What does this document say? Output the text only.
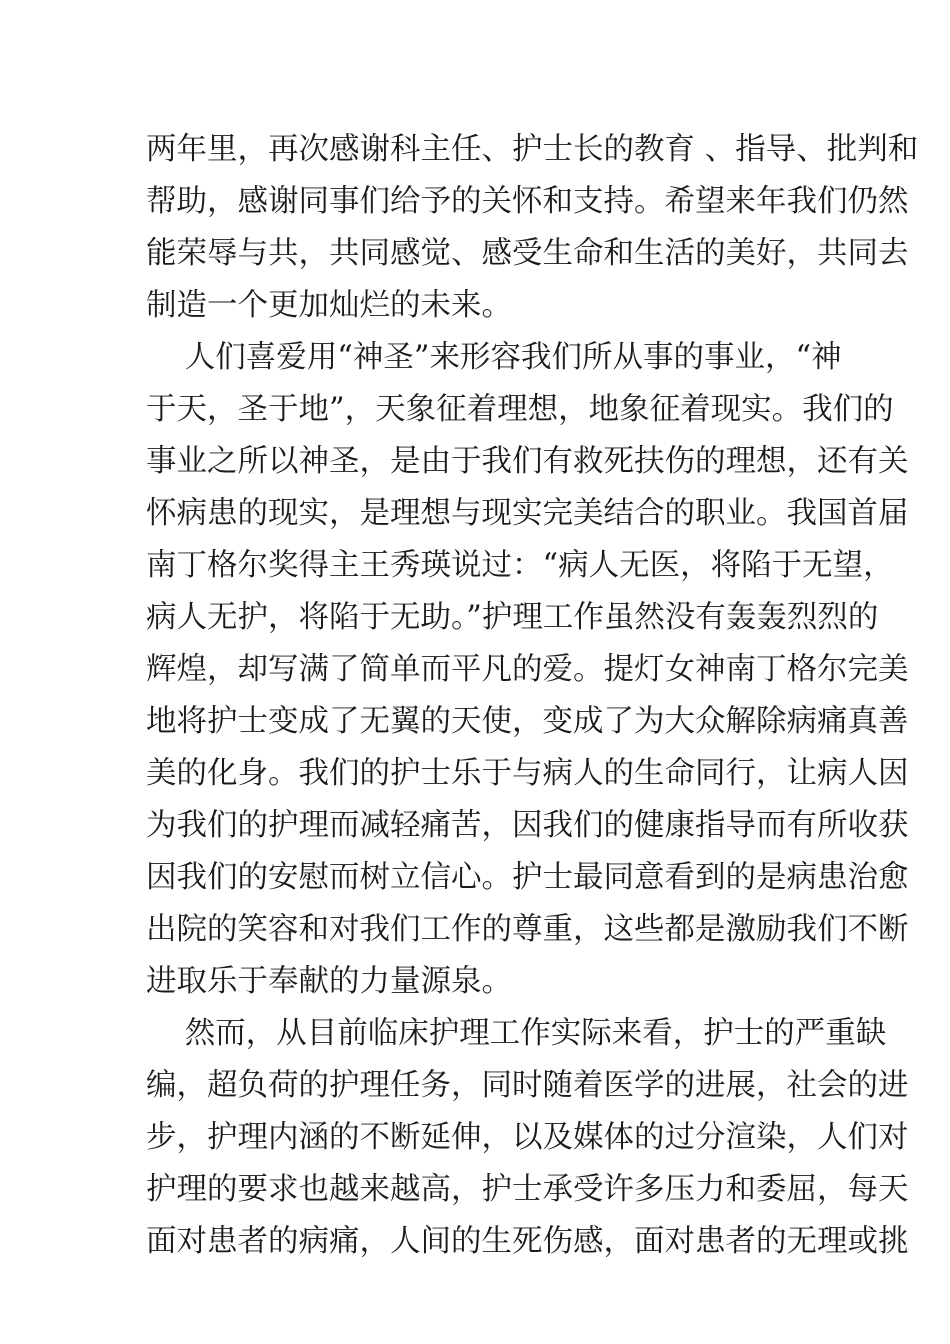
两年里，再次感谢科主任、护士长的教育 、指导、批判和
帮助，感谢同事们给予的关怀和支持。希望来年我们仍然
能荣辱与共，共同感觉、感受生命和生活的美好，共同去
制造一个更加灿烂的未来。
人们喜爱用“神圣”来形容我们所从事的事业，“神
于天，圣于地”，天象征着理想，地象征着现实。我们的
事业之所以神圣，是由于我们有救死扶伤的理想，还有关
怀病患的现实，是理想与现实完美结合的职业。我国首届
南丁格尔奖得主王秀瑛说过：“病人无医，将陷于无望，
病人无护，将陷于无助。”护理工作虽然没有轰轰烈烈的
辉煌，却写满了简单而平凡的爱。提灯女神南丁格尔完美
地将护士变成了无翼的天使，变成了为大众解除病痛真善
美的化身。我们的护士乐于与病人的生命同行，让病人因
为我们的护理而减轻痛苦，因我们的健康指导而有所收获
因我们的安慰而树立信心。护士最同意看到的是病患治愈
出院的笑容和对我们工作的尊重，这些都是激励我们不断
进取乐于奉献的力量源泉。
然而，从目前临床护理工作实际来看，护士的严重缺
编，超负荷的护理任务，同时随着医学的进展，社会的进
步，护理内涵的不断延伸，以及媒体的过分渲染，人们对
护理的要求也越来越高，护士承受许多压力和委屈，每天
面对患者的病痛，人间的生死伤感，面对患者的无理或挑
